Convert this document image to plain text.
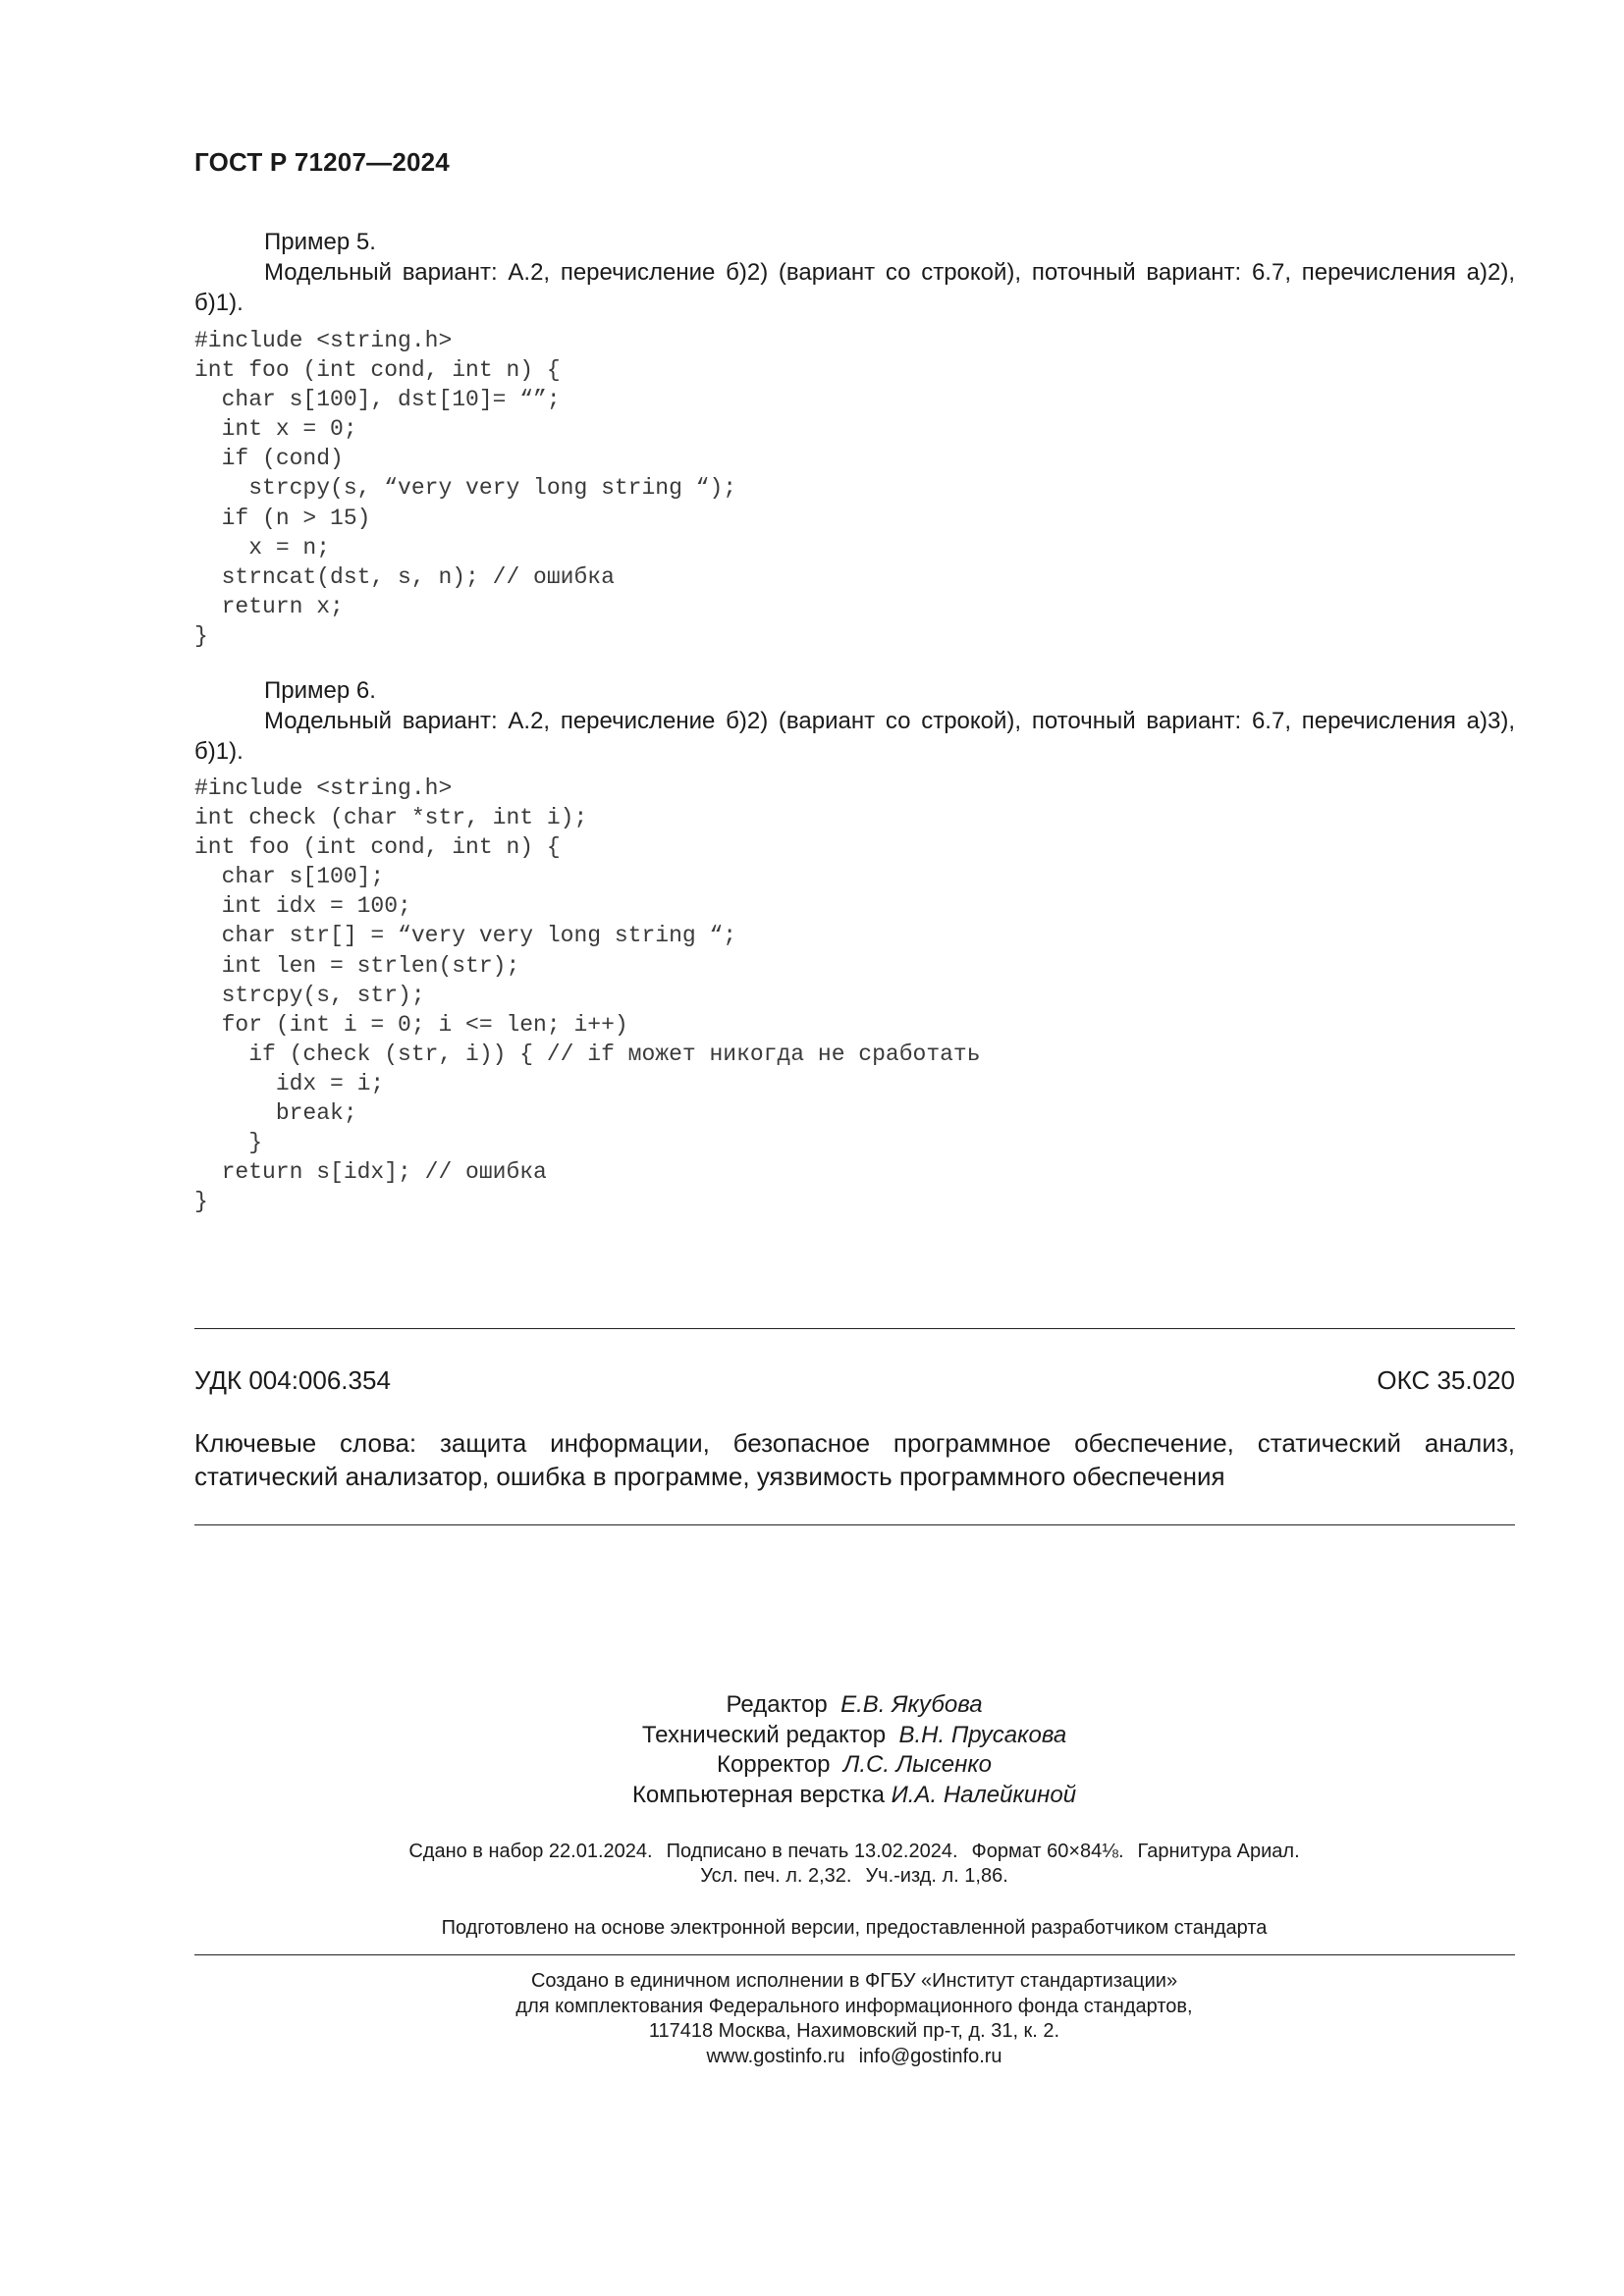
ГОСТ Р 71207—2024
Пример 5.
Модельный вариант: А.2, перечисление б)2) (вариант со строкой), поточный вариант: 6.7, перечисления а)2), б)1).
#include <string.h>
int foo (int cond, int n) {
char s[100], dst[10]= “”;
int x = 0;
if (cond)
strcpy(s, “very very long string “);
if (n > 15)
x = n;
strncat(dst, s, n); // ошибка
return x;
}
Пример 6.
Модельный вариант: А.2, перечисление б)2) (вариант со строкой), поточный вариант: 6.7, перечисления а)3), б)1).
#include <string.h>
int check (char *str, int i);
int foo (int cond, int n) {
char s[100];
int idx = 100;
char str[] = “very very long string “;
int len = strlen(str);
strcpy(s, str);
for (int i = 0; i <= len; i++)
if (check (str, i)) { // if может никогда не сработать
idx = i;
break;
}
return s[idx]; // ошибка
}
УДК 004:006.354	ОКС 35.020
Ключевые слова: защита информации, безопасное программное обеспечение, статический анализ, статический анализатор, ошибка в программе, уязвимость программного обеспечения
Редактор Е.В. Якубова
Технический редактор В.Н. Прусакова
Корректор Л.С. Лысенко
Компьютерная верстка И.А. Налейкиной
Сдано в набор 22.01.2024. Подписано в печать 13.02.2024. Формат 60×84⅛. Гарнитура Ариал.
Усл. печ. л. 2,32. Уч.-изд. л. 1,86.
Подготовлено на основе электронной версии, предоставленной разработчиком стандарта
Создано в единичном исполнении в ФГБУ «Институт стандартизации»
для комплектования Федерального информационного фонда стандартов,
117418 Москва, Нахимовский пр-т, д. 31, к. 2.
www.gostinfo.ru info@gostinfo.ru
